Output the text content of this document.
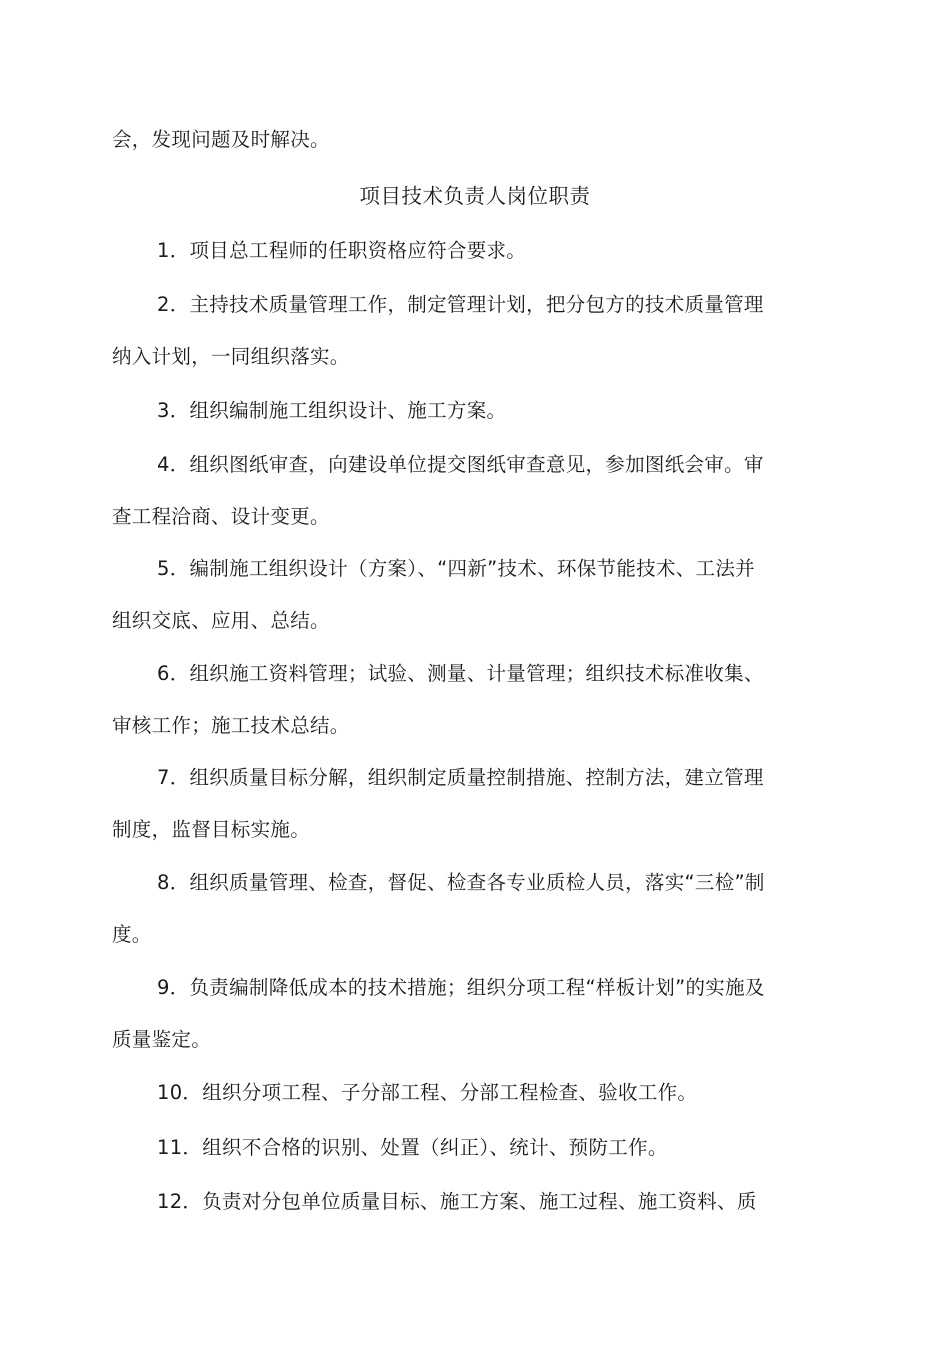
会，发现问题及时解决。
项目技术负责人岗位职责
1．项目总工程师的任职资格应符合要求。
2．主持技术质量管理工作，制定管理计划，把分包方的技术质量管理
纳入计划，一同组织落实。
3．组织编制施工组织设计、施工方案。
4．组织图纸审查，向建设单位提交图纸审查意见，参加图纸会审。审
查工程洽商、设计变更。
5．编制施工组织设计（方案）、“四新”技术、环保节能技术、工法并
组织交底、应用、总结。
6．组织施工资料管理；试验、测量、计量管理；组织技术标准收集、
审核工作；施工技术总结。
7．组织质量目标分解，组织制定质量控制措施、控制方法，建立管理
制度，监督目标实施。
8．组织质量管理、检查，督促、检查各专业质检人员，落实“三检”制
度。
9．负责编制降低成本的技术措施；组织分项工程“样板计划”的实施及
质量鉴定。
10．组织分项工程、子分部工程、分部工程检查、验收工作。
11．组织不合格的识别、处置（纠正）、统计、预防工作。
12．负责对分包单位质量目标、施工方案、施工过程、施工资料、质
